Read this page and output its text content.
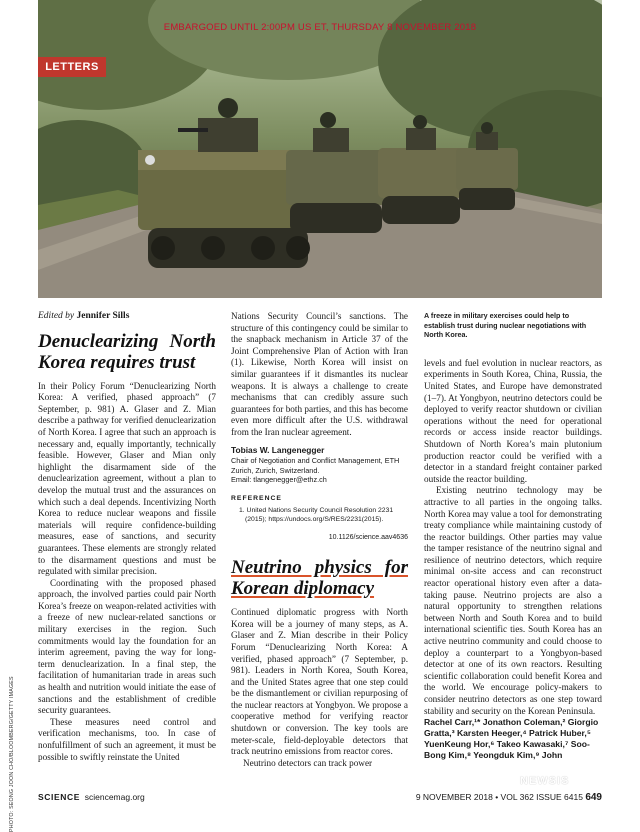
EMBARGOED UNTIL 2:00PM US ET, THURSDAY 8 NOVEMBER 2018
LETTERS
PHOTO: SEONG JOON CHO/BLOOMBERG/GETTY IMAGES

Edited by Jennifer Sills

Denuclearizing North Korea requires trust

In their Policy Forum “Denuclearizing North Korea: A verified, phased approach” (7 September, p. 981) A. Glaser and Z. Mian describe a pathway for verified denuclearization of North Korea. I agree that such an approach is necessary and, equally importantly, technically feasible. However, Glaser and Mian only highlight the disarmament side of the denuclearization agreement, without a plan to develop the mutual trust and the assurances on which such a deal depends. Incentivizing North Korea to reduce nuclear weapons and fissile materials will require confidence-building measures, ease of sanctions, and security guarantees. These elements are strongly related to the disarmament questions and must be regulated with similar precision.

Coordinating with the proposed phased approach, the involved parties could pair North Korea’s freeze on weapon-related activities with a freeze of new nuclear-related sanctions or military exercises in the region. Such commitments would lay the foundation for an interim agreement, paving the way for long-term denuclearization. In a final step, the facilitation of humanitarian trade in areas such as health and nutrition would initiate the ease of sanctions and the establishment of credible security guarantees.

These measures need control and verification mechanisms, too. In case of nonfulfillment of such an agreement, it must be possible to swiftly reinstate the United

Nations Security Council’s sanctions. The structure of this contingency could be similar to the snapback mechanism in Article 37 of the Joint Comprehensive Plan of Action with Iran (1). Likewise, North Korea will insist on similar guarantees if it dismantles its nuclear weapons. It is always a challenge to create mechanisms that can credibly assure such guarantees for both parties, and this has become even more difficult after the U.S. withdrawal from the Iran nuclear agreement.

Tobias W. Langenegger

Chair of Negotiation and Conflict Management, ETH Zurich, Zurich, Switzerland.

Email: tlangenegger@ethz.ch

REFERENCE

1. United Nations Security Council Resolution 2231 (2015); https://undocs.org/S/RES/2231(2015).

10.1126/science.aav4636

Neutrino physics for Korean diplomacy

Continued diplomatic progress with North Korea will be a journey of many steps, as A. Glaser and Z. Mian describe in their Policy Forum “Denuclearizing North Korea: A verified, phased approach” (7 September, p. 981). Leaders in North Korea, South Korea, and the United States agree that one step could be the dismantlement or civilian repurposing of the nuclear reactors at Yongbyon. We propose a cooperative method for verifying reactor shutdown or conversion. The key tools are meter-scale, field-deployable detectors that track neutrino emissions from reactor cores.

Neutrino detectors can track power

A freeze in military exercises could help to establish trust during nuclear negotiations with North Korea.

levels and fuel evolution in nuclear reactors, as experiments in South Korea, China, Russia, the United States, and Europe have demonstrated (1–7). At Yongbyon, neutrino detectors could be deployed to verify reactor shutdown or civilian operations without the need for operational records or access inside reactor buildings. Shutdown of North Korea’s main plutonium production reactor could be verified with a detector in a standard freight container parked outside the reactor building.

Existing neutrino technology may be attractive to all parties in the ongoing talks. North Korea may value a tool for demonstrating treaty compliance while maintaining custody of the reactor buildings. Other parties may value the tamper resistance of the neutrino signal and resilience of neutrino detectors, which require minimal on-site access and can reconstruct reactor operational history even after a data-taking pause. Neutrino projects are also a natural opportunity to strengthen relations between North and South Korea and to build international scientific ties. South Korea has an active neutrino community and could choose to deploy a counterpart to a Yongbyon-based detector at one of its own reactors. Resulting scientific collaboration could benefit Korea and the world. We encourage policy-makers to consider neutrino detectors as one step toward stability and security on the Korean Peninsula.

Rachel Carr,¹* Jonathon Coleman,² Giorgio Gratta,³ Karsten Heeger,⁴ Patrick Huber,⁵ YuenKeung Hor,⁶ Takeo Kawasaki,⁷ Soo-Bong Kim,⁸ Yeongduk Kim,⁹ John

SCIENCE sciencemag.org	9 NOVEMBER 2018 • VOL 362 ISSUE 6415 649
NEWSIS
